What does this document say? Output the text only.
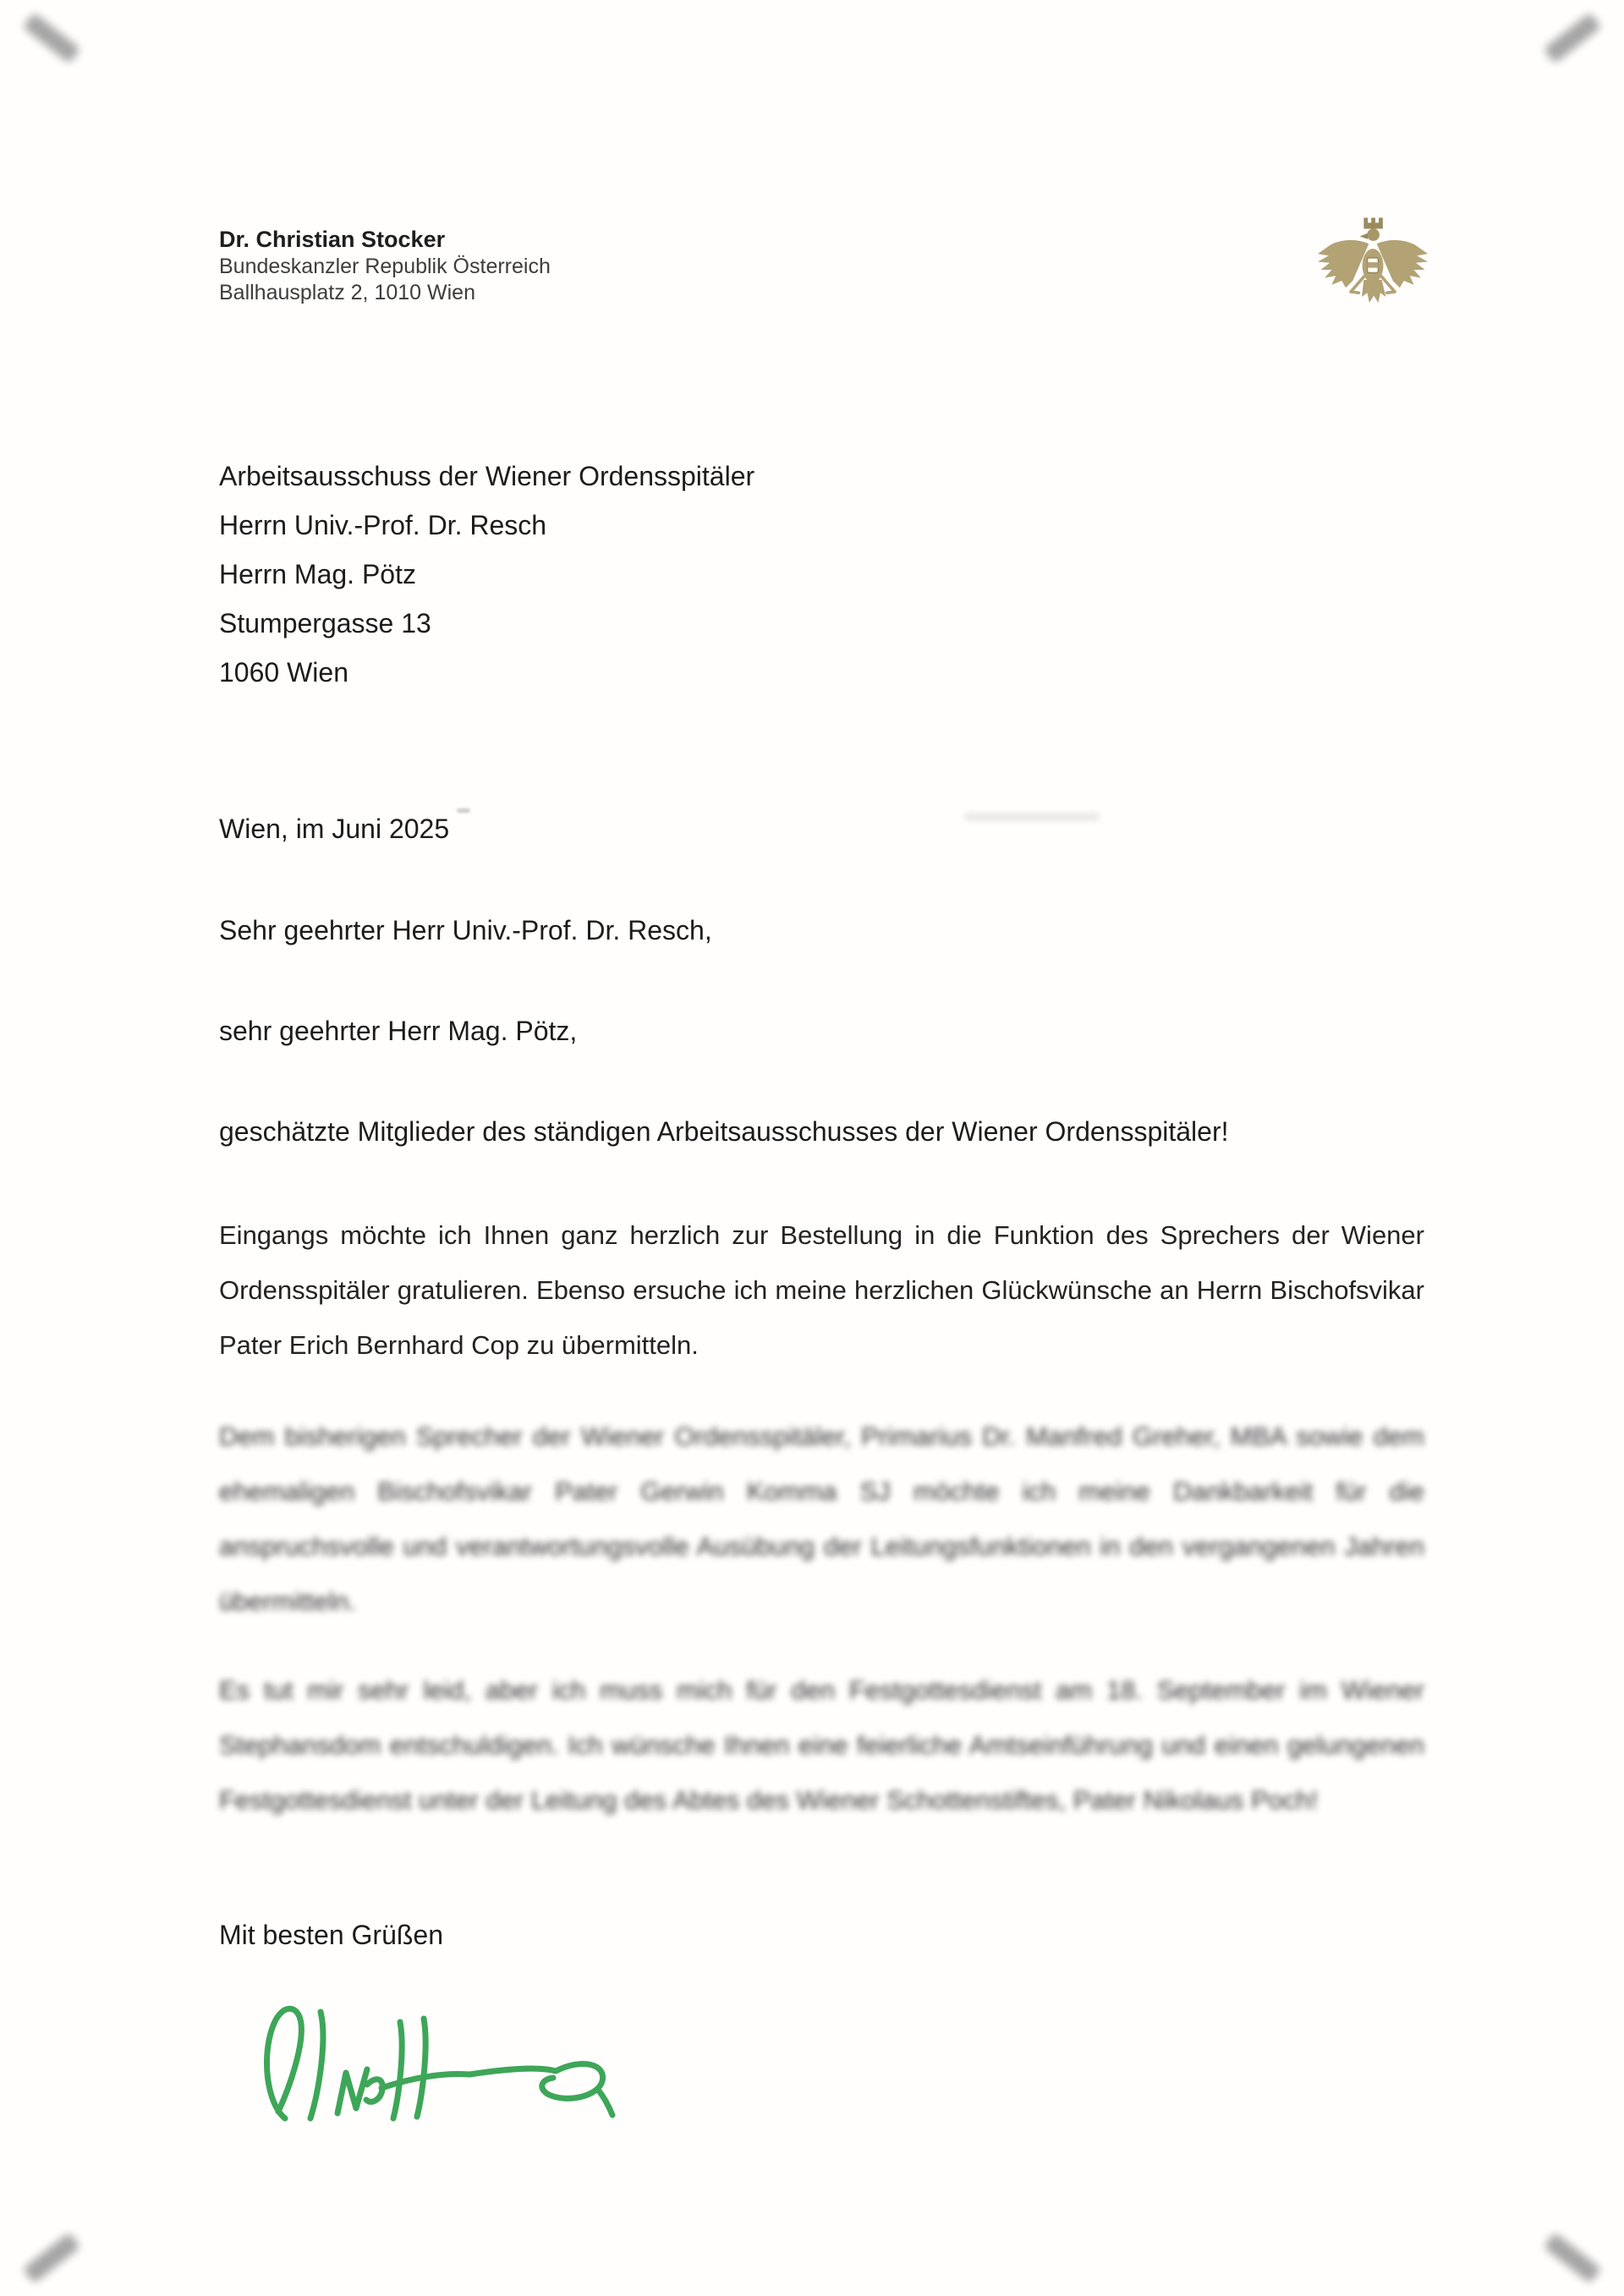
Dr. Christian Stocker
Bundeskanzler Republik Österreich
Ballhausplatz 2, 1010 Wien
Arbeitsausschuss der Wiener Ordensspitäler
Herrn Univ.-Prof. Dr. Resch
Herrn Mag. Pötz
Stumpergasse 13
1060 Wien
Wien, im Juni 2025
Sehr geehrter Herr Univ.-Prof. Dr. Resch,
sehr geehrter Herr Mag. Pötz,
geschätzte Mitglieder des ständigen Arbeitsausschusses der Wiener Ordensspitäler!

Eingangs möchte ich Ihnen ganz herzlich zur Bestellung in die Funktion des Sprechers der Wiener Ordensspitäler gratulieren. Ebenso ersuche ich meine herzlichen Glückwünsche an Herrn Bischofsvikar Pater Erich Bernhard Cop zu übermitteln.

Dem bisherigen Sprecher der Wiener Ordensspitäler, Primarius Dr. Manfred Greher, MBA sowie dem ehemaligen Bischofsvikar Pater Gerwin Komma SJ möchte ich meine Dankbarkeit für die anspruchsvolle und verantwortungsvolle Ausübung der Leitungsfunktionen in den vergangenen Jahren übermitteln.

Es tut mir sehr leid, aber ich muss mich für den Festgottesdienst am 18. September im Wiener Stephansdom entschuldigen. Ich wünsche Ihnen eine feierliche Amtseinführung und einen gelungenen Festgottesdienst unter der Leitung des Abtes des Wiener Schottenstiftes, Pater Nikolaus Poch!

Mit besten Grüßen
